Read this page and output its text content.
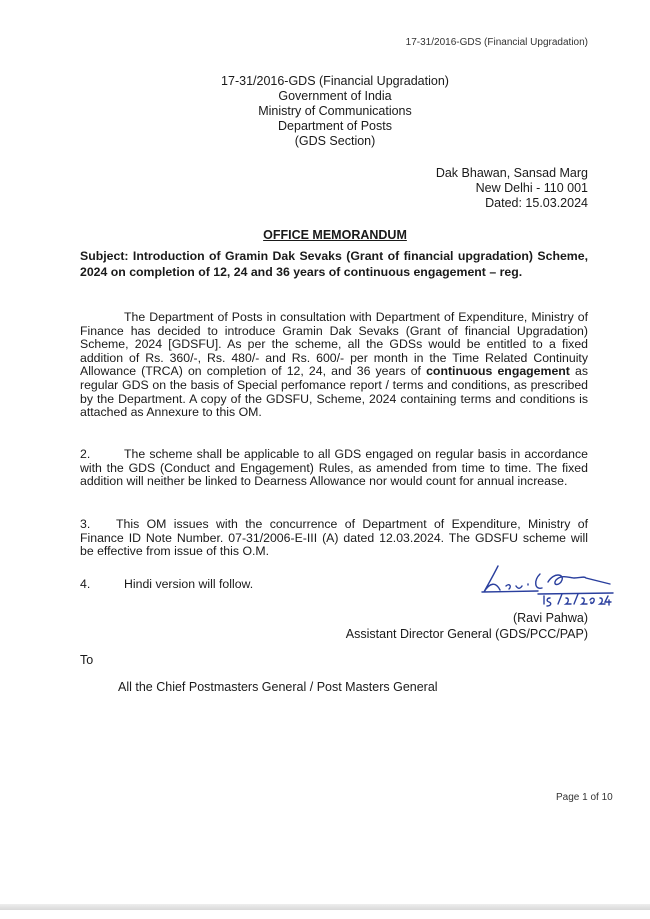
17-31/2016-GDS (Financial Upgradation)
17-31/2016-GDS (Financial Upgradation)
Government of India
Ministry of Communications
Department of Posts
(GDS Section)
Dak Bhawan, Sansad Marg
New Delhi - 110 001
Dated: 15.03.2024
OFFICE MEMORANDUM
Subject: Introduction of Gramin Dak Sevaks (Grant of financial upgradation) Scheme, 2024 on completion of 12, 24 and 36 years of continuous engagement – reg.
The Department of Posts in consultation with Department of Expenditure, Ministry of Finance has decided to introduce Gramin Dak Sevaks (Grant of financial Upgradation) Scheme, 2024 [GDSFU]. As per the scheme, all the GDSs would be entitled to a fixed addition of Rs. 360/-, Rs. 480/- and Rs. 600/- per month in the Time Related Continuity Allowance (TRCA) on completion of 12, 24, and 36 years of continuous engagement as regular GDS on the basis of Special perfomance report / terms and conditions, as prescribed by the Department. A copy of the GDSFU, Scheme, 2024 containing terms and conditions is attached as Annexure to this OM.
2.	The scheme shall be applicable to all GDS engaged on regular basis in accordance with the GDS (Conduct and Engagement) Rules, as amended from time to time. The fixed addition will neither be linked to Dearness Allowance nor would count for annual increase.
3. This OM issues with the concurrence of Department of Expenditure, Ministry of Finance ID Note Number. 07-31/2006-E-III (A) dated 12.03.2024. The GDSFU scheme will be effective from issue of this O.M.
4.	Hindi version will follow.
(Ravi Pahwa)
Assistant Director General (GDS/PCC/PAP)
To
All the Chief Postmasters General / Post Masters General
Page 1 of 10
